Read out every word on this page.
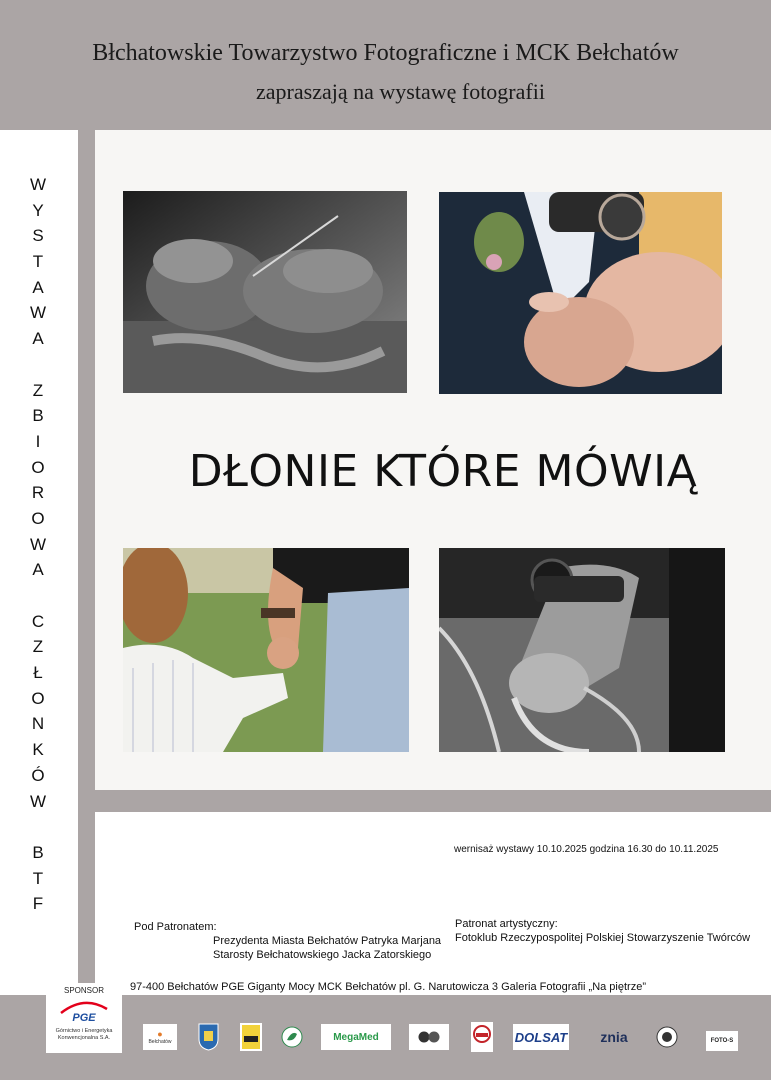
Błchatowskie Towarzystwo Fotograficzne i MCK Bełchatów
zapraszają na wystawę fotografii
W
Y
S
T
A
W
A
Z
B
I
O
R
O
W
A
C
Z
Ł
O
N
K
Ó
W
B
T
F
DŁONIE KTÓRE MÓWIĄ
wernisaż wystawy 10.10.2025 godzina 16.30 do 10.11.2025
Pod Patronatem:
Prezydenta Miasta Bełchatów Patryka Marjana
Starosty Bełchatowskiego Jacka Zatorskiego
Patronat artystyczny:
Fotoklub Rzeczypospolitej Polskiej Stowarzyszenie Twórców
97-400 Bełchatów PGE Giganty Mocy MCK Bełchatów pl. G. Narutowicza 3 Galeria Fotografii „Na piętrze”
SPONSOR
PGE
Górnictwo i Energetyka Konwencjonalna S.A.	●
Bełchatów	MegaMed	DOLSAT znia	FOTO-S
